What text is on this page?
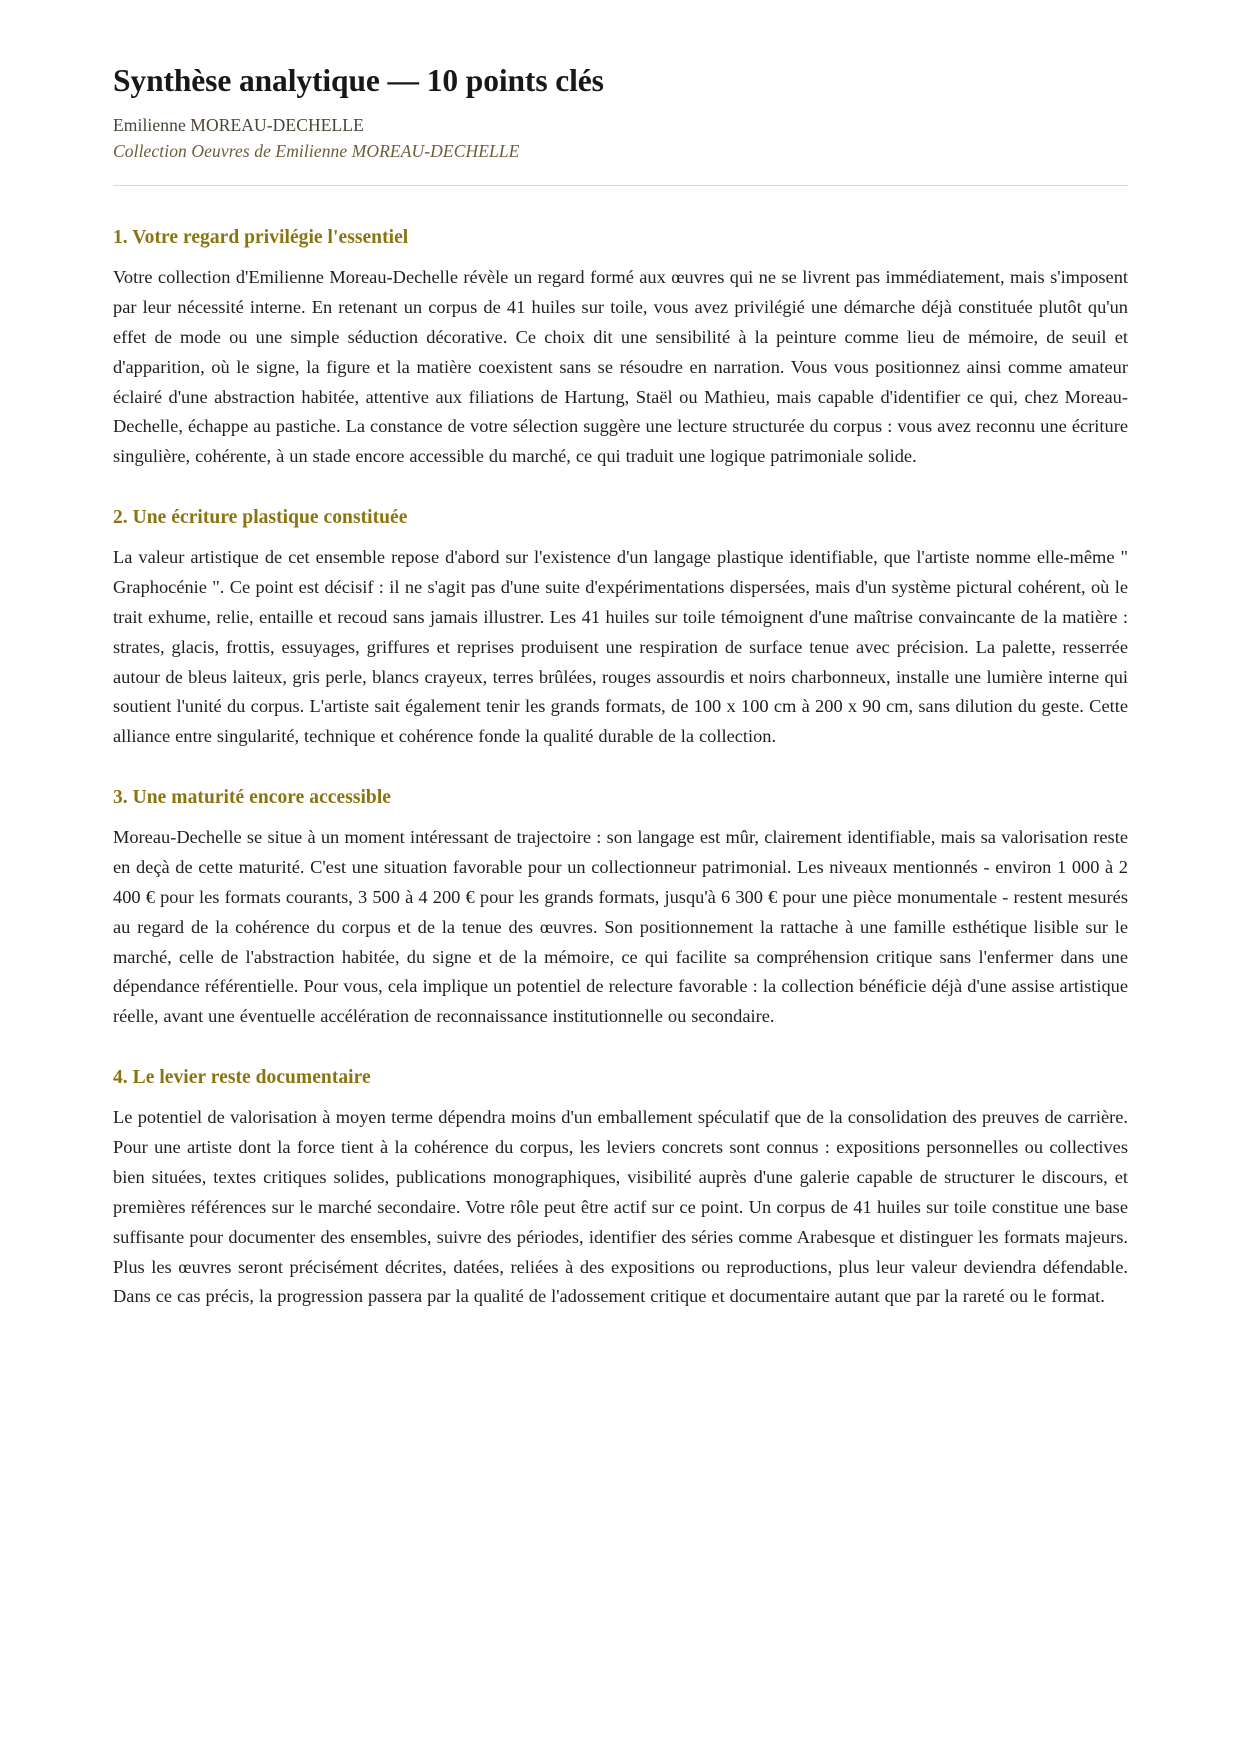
Synthèse analytique — 10 points clés
Emilienne MOREAU-DECHELLE
Collection Oeuvres de Emilienne MOREAU-DECHELLE
1. Votre regard privilégie l'essentiel

Votre collection d'Emilienne Moreau-Dechelle révèle un regard formé aux œuvres qui ne se livrent pas immédiatement, mais s'imposent par leur nécessité interne. En retenant un corpus de 41 huiles sur toile, vous avez privilégié une démarche déjà constituée plutôt qu'un effet de mode ou une simple séduction décorative. Ce choix dit une sensibilité à la peinture comme lieu de mémoire, de seuil et d'apparition, où le signe, la figure et la matière coexistent sans se résoudre en narration. Vous vous positionnez ainsi comme amateur éclairé d'une abstraction habitée, attentive aux filiations de Hartung, Staël ou Mathieu, mais capable d'identifier ce qui, chez Moreau-Dechelle, échappe au pastiche. La constance de votre sélection suggère une lecture structurée du corpus : vous avez reconnu une écriture singulière, cohérente, à un stade encore accessible du marché, ce qui traduit une logique patrimoniale solide.

2. Une écriture plastique constituée

La valeur artistique de cet ensemble repose d'abord sur l'existence d'un langage plastique identifiable, que l'artiste nomme elle-même " Graphocénie ". Ce point est décisif : il ne s'agit pas d'une suite d'expérimentations dispersées, mais d'un système pictural cohérent, où le trait exhume, relie, entaille et recoud sans jamais illustrer. Les 41 huiles sur toile témoignent d'une maîtrise convaincante de la matière : strates, glacis, frottis, essuyages, griffures et reprises produisent une respiration de surface tenue avec précision. La palette, resserrée autour de bleus laiteux, gris perle, blancs crayeux, terres brûlées, rouges assourdis et noirs charbonneux, installe une lumière interne qui soutient l'unité du corpus. L'artiste sait également tenir les grands formats, de 100 x 100 cm à 200 x 90 cm, sans dilution du geste. Cette alliance entre singularité, technique et cohérence fonde la qualité durable de la collection.

3. Une maturité encore accessible

Moreau-Dechelle se situe à un moment intéressant de trajectoire : son langage est mûr, clairement identifiable, mais sa valorisation reste en deçà de cette maturité. C'est une situation favorable pour un collectionneur patrimonial. Les niveaux mentionnés - environ 1 000 à 2 400 € pour les formats courants, 3 500 à 4 200 € pour les grands formats, jusqu'à 6 300 € pour une pièce monumentale - restent mesurés au regard de la cohérence du corpus et de la tenue des œuvres. Son positionnement la rattache à une famille esthétique lisible sur le marché, celle de l'abstraction habitée, du signe et de la mémoire, ce qui facilite sa compréhension critique sans l'enfermer dans une dépendance référentielle. Pour vous, cela implique un potentiel de relecture favorable : la collection bénéficie déjà d'une assise artistique réelle, avant une éventuelle accélération de reconnaissance institutionnelle ou secondaire.

4. Le levier reste documentaire

Le potentiel de valorisation à moyen terme dépendra moins d'un emballement spéculatif que de la consolidation des preuves de carrière. Pour une artiste dont la force tient à la cohérence du corpus, les leviers concrets sont connus : expositions personnelles ou collectives bien situées, textes critiques solides, publications monographiques, visibilité auprès d'une galerie capable de structurer le discours, et premières références sur le marché secondaire. Votre rôle peut être actif sur ce point. Un corpus de 41 huiles sur toile constitue une base suffisante pour documenter des ensembles, suivre des périodes, identifier des séries comme Arabesque et distinguer les formats majeurs. Plus les œuvres seront précisément décrites, datées, reliées à des expositions ou reproductions, plus leur valeur deviendra défendable. Dans ce cas précis, la progression passera par la qualité de l'adossement critique et documentaire autant que par la rareté ou le format.
